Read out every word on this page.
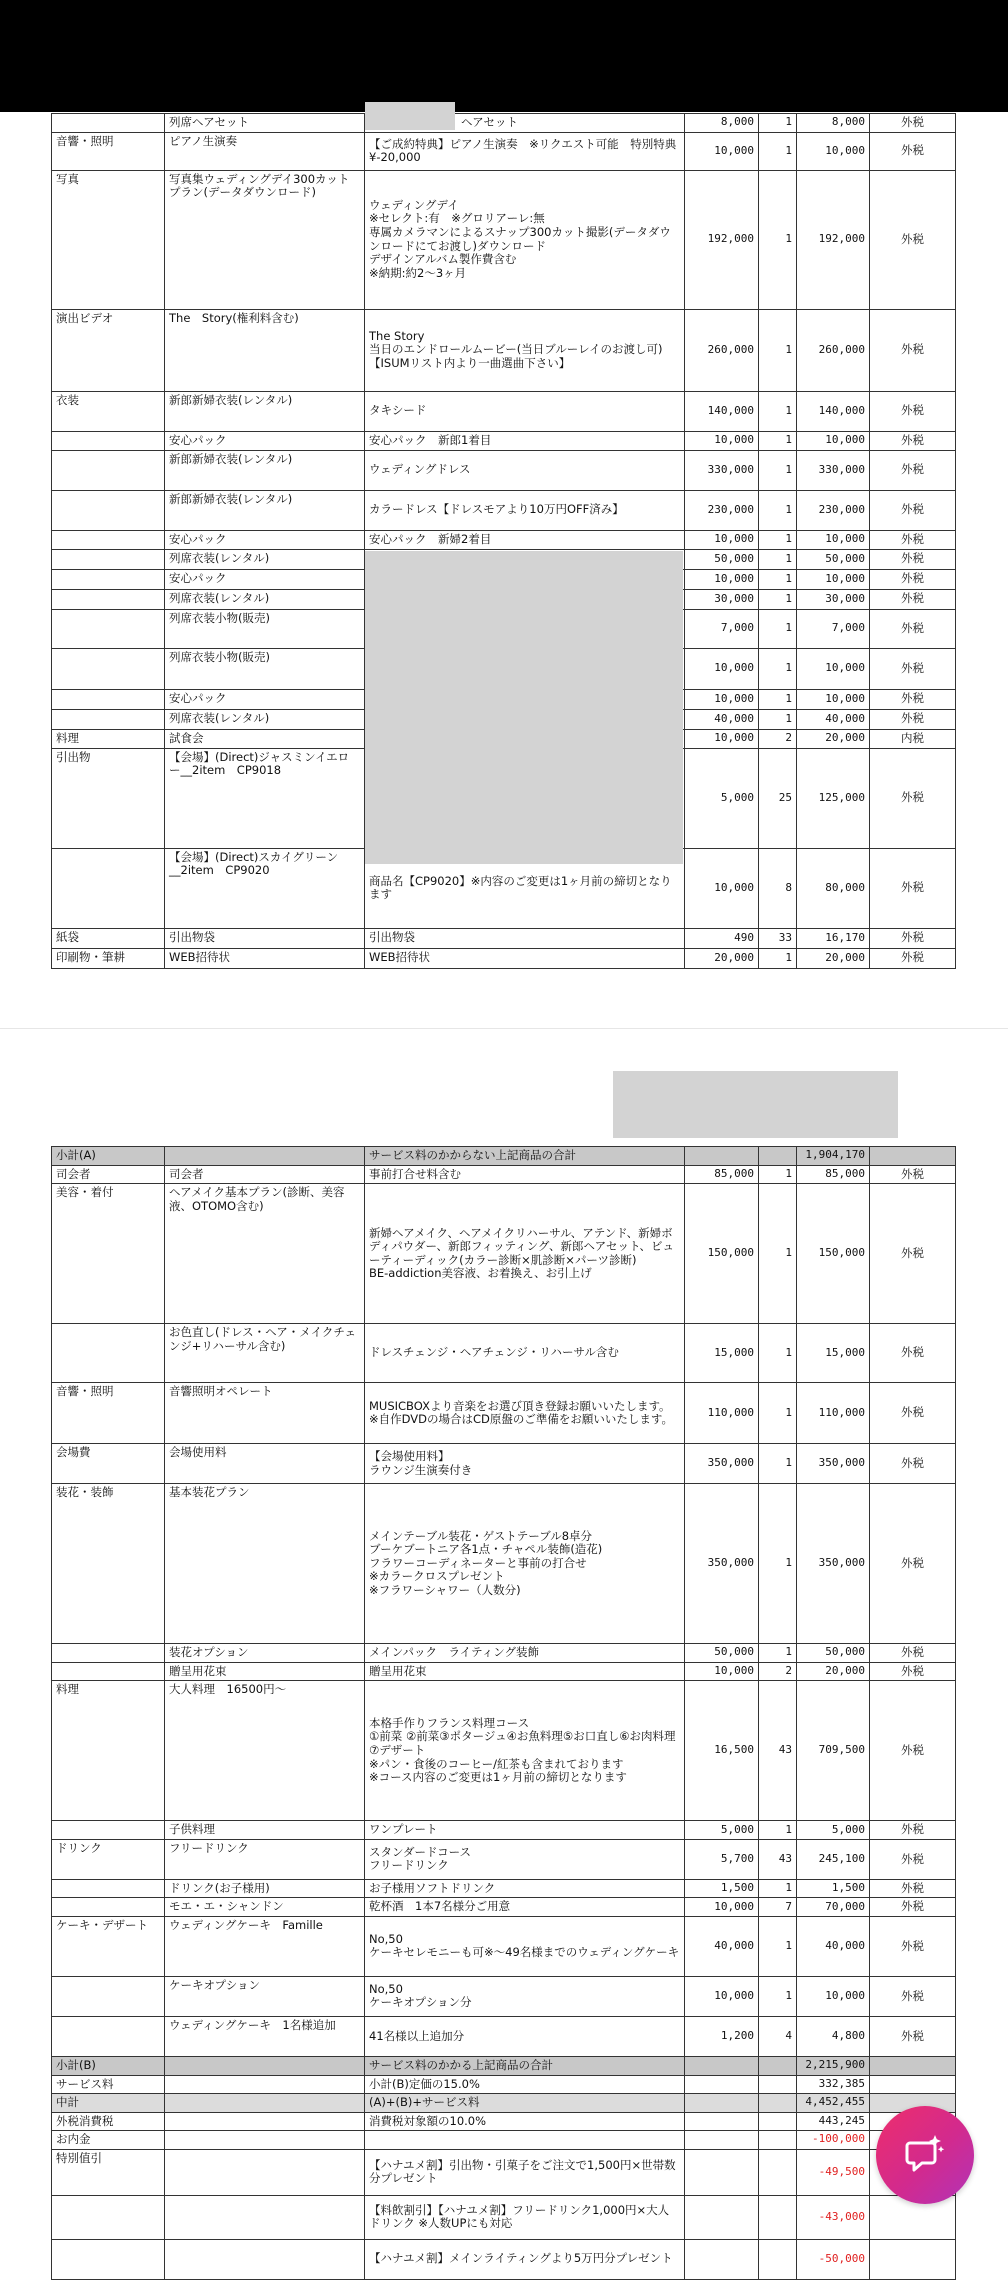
	列席ヘアセット	ヘアセット	8,000	1	8,000	外税
音響・照明	ピアノ生演奏	【ご成約特典】ピアノ生演奏　※リクエスト可能　特別特典¥-20,000	10,000	1	10,000	外税
写真	写真集ウェディングデイ300カットプラン(データダウンロード)	ウェディングデイ
※セレクト:有　※グロリアーレ:無
専属カメラマンによるスナップ300カット撮影(データダウンロードにてお渡し)ダウンロード
デザインアルバム製作費含む
※納期:約2～3ヶ月	192,000	1	192,000	外税
演出ビデオ	The　Story(権利料含む)	The Story
当日のエンドロールムービー(当日ブルーレイのお渡し可)
【ISUMリスト内より一曲選曲下さい】	260,000	1	260,000	外税
衣装	新郎新婦衣装(レンタル)	タキシード	140,000	1	140,000	外税
	安心パック	安心パック　新郎1着目	10,000	1	10,000	外税
	新郎新婦衣装(レンタル)	ウェディングドレス	330,000	1	330,000	外税
	新郎新婦衣装(レンタル)	カラードレス【ドレスモアより10万円OFF済み】	230,000	1	230,000	外税
	安心パック	安心パック　新婦2着目	10,000	1	10,000	外税
	列席衣装(レンタル)		50,000	1	50,000	外税
	安心パック		10,000	1	10,000	外税
	列席衣装(レンタル)		30,000	1	30,000	外税
	列席衣装小物(販売)		7,000	1	7,000	外税
	列席衣装小物(販売)		10,000	1	10,000	外税
	安心パック		10,000	1	10,000	外税
	列席衣装(レンタル)		40,000	1	40,000	外税
料理	試食会		10,000	2	20,000	内税
引出物	【会場】(Direct)ジャスミンイエロー__2item　CP9018		5,000	25	125,000	外税
	【会場】(Direct)スカイグリーン__2item　CP9020	商品名【CP9020】※内容のご変更は1ヶ月前の締切となります	10,000	8	80,000	外税
紙袋	引出物袋	引出物袋	490	33	16,170	外税
印刷物・筆耕	WEB招待状	WEB招待状	20,000	1	20,000	外税
小計(A)		サービス料のかからない上記商品の合計			1,904,170	
司会者	司会者	事前打合せ料含む	85,000	1	85,000	外税
美容・着付	ヘアメイク基本プラン(診断、美容液、OTOMO含む)	新婦ヘアメイク、ヘアメイクリハーサル、アテンド、新婦ボディパウダー、新郎フィッティング、新郎ヘアセット、ビューティーディック(カラー診断×肌診断×パーツ診断)
BE-addiction美容液、お着換え、お引上げ	150,000	1	150,000	外税
	お色直し(ドレス・ヘア・メイクチェンジ+リハーサル含む)	ドレスチェンジ・ヘアチェンジ・リハーサル含む	15,000	1	15,000	外税
音響・照明	音響照明オペレート	MUSICBOXより音楽をお選び頂き登録お願いいたします。
※自作DVDの場合はCD原盤のご準備をお願いいたします。	110,000	1	110,000	外税
会場費	会場使用料	【会場使用料】
ラウンジ生演奏付き	350,000	1	350,000	外税
装花・装飾	基本装花プラン	メインテーブル装花・ゲストテーブル8卓分
ブーケブートニア各1点・チャペル装飾(造花)
フラワーコーディネーターと事前の打合せ
※カラークロスプレゼント
※フラワーシャワー（人数分)	350,000	1	350,000	外税
	装花オプション	メインパック　ライティング装飾	50,000	1	50,000	外税
	贈呈用花束	贈呈用花束	10,000	2	20,000	外税
料理	大人料理　16500円～	本格手作りフランス料理コース
①前菜 ②前菜③ポタージュ④お魚料理⑤お口直し⑥お肉料理⑦デザート
※パン・食後のコーヒー/紅茶も含まれております
※コース内容のご変更は1ヶ月前の締切となります	16,500	43	709,500	外税
	子供料理	ワンプレート	5,000	1	5,000	外税
ドリンク	フリードリンク	スタンダードコース
フリードリンク	5,700	43	245,100	外税
	ドリンク(お子様用)	お子様用ソフトドリンク	1,500	1	1,500	外税
	モエ・エ・シャンドン	乾杯酒　1本7名様分ご用意	10,000	7	70,000	外税
ケーキ・デザート	ウェディングケーキ　Famille	No,50
ケーキセレモニーも可※～49名様までのウェディングケーキ	40,000	1	40,000	外税
	ケーキオプション	No,50
ケーキオプション分	10,000	1	10,000	外税
	ウェディングケーキ　1名様追加	41名様以上追加分	1,200	4	4,800	外税
小計(B)		サービス料のかかる上記商品の合計			2,215,900	
サービス料		小計(B)定価の15.0%			332,385	
中計		(A)+(B)+サービス料			4,452,455	
外税消費税		消費税対象額の10.0%			443,245	
お内金					-100,000	
特別值引		【ハナユメ割】引出物・引菓子をご注文で1,500円×世帯数分プレゼント			-49,500	
		【料飲割引】【ハナユメ割】フリードリンク1,000円×大人ドリンク ※人数UPにも対応			-43,000	
		【ハナユメ割】メインライティングより5万円分プレゼント			-50,000	
